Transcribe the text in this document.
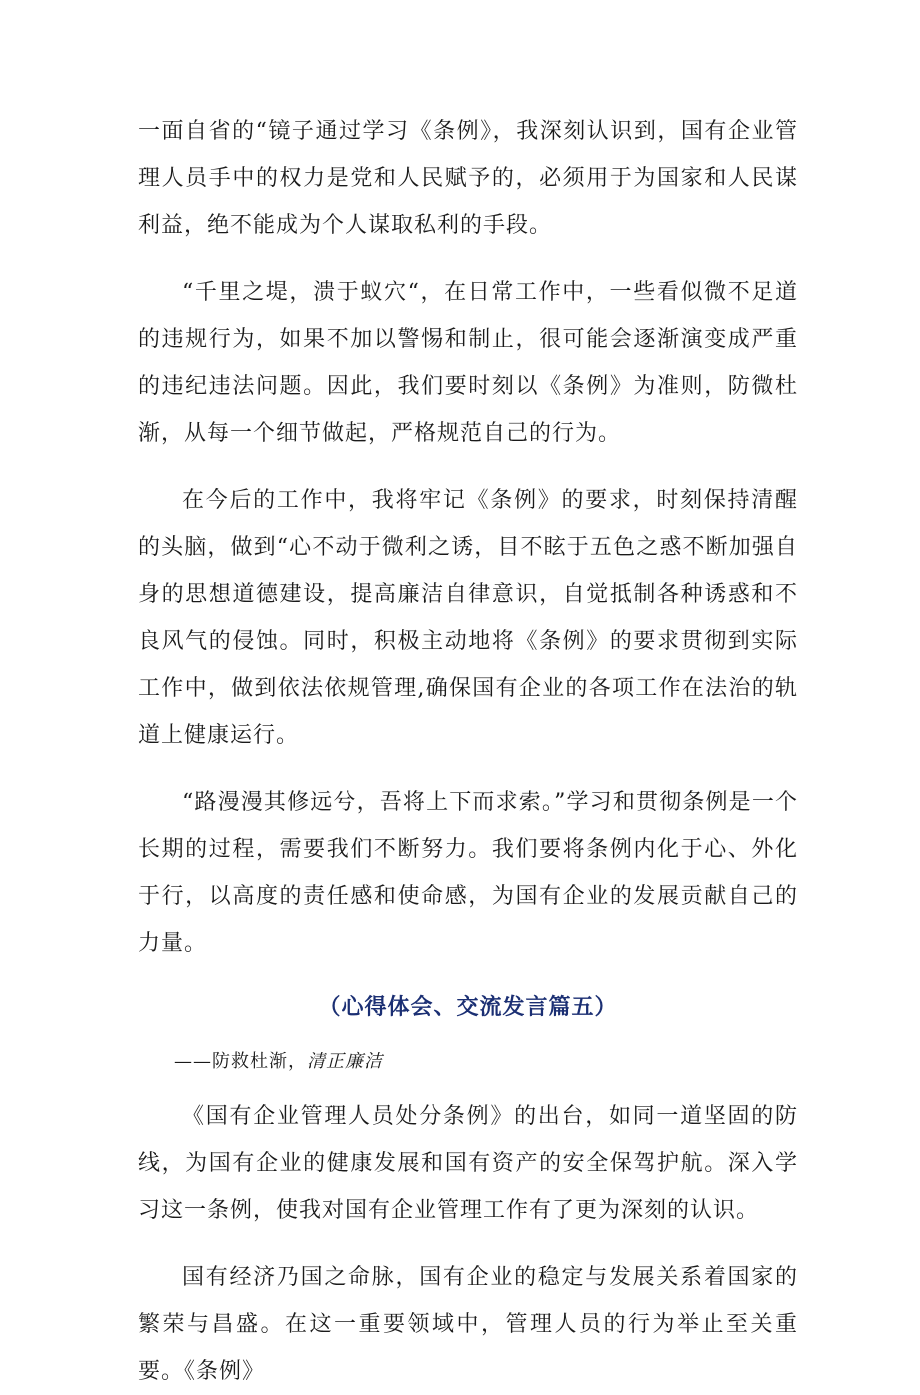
一面自省的“镜子通过学习《条例》，我深刻认识到，国有企业管理人员手中的权力是党和人民赋予的，必须用于为国家和人民谋利益，绝不能成为个人谋取私利的手段。

“千里之堤，溃于蚁穴“，在日常工作中，一些看似微不足道的违规行为，如果不加以警惕和制止，很可能会逐渐演变成严重的违纪违法问题。因此，我们要时刻以《条例》为准则，防微杜渐，从每一个细节做起，严格规范自己的行为。

在今后的工作中，我将牢记《条例》的要求，时刻保持清醒的头脑，做到“心不动于微利之诱，目不眩于五色之惑不断加强自身的思想道德建设，提高廉洁自律意识，自觉抵制各种诱惑和不良风气的侵蚀。同时，积极主动地将《条例》的要求贯彻到实际工作中，做到依法依规管理,确保国有企业的各项工作在法治的轨道上健康运行。

“路漫漫其修远兮，吾将上下而求索。”学习和贯彻条例是一个长期的过程，需要我们不断努力。我们要将条例内化于心、外化于行，以高度的责任感和使命感，为国有企业的发展贡献自己的力量。

（心得体会、交流发言篇五）

——防救杜渐，清正廉洁

《国有企业管理人员处分条例》的出台，如同一道坚固的防线，为国有企业的健康发展和国有资产的安全保驾护航。深入学习这一条例，使我对国有企业管理工作有了更为深刻的认识。

国有经济乃国之命脉，国有企业的稳定与发展关系着国家的繁荣与昌盛。在这一重要领域中，管理人员的行为举止至关重要。《条例》
